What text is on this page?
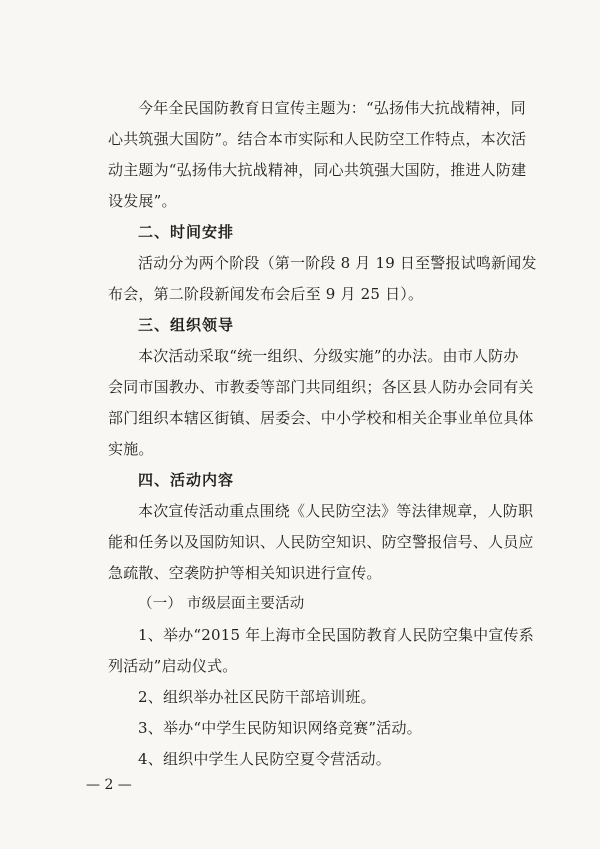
今年全民国防教育日宣传主题为：“弘扬伟大抗战精神，同
心共筑强大国防”。结合本市实际和人民防空工作特点，本次活
动主题为“弘扬伟大抗战精神，同心共筑强大国防，推进人防建
设发展”。
二、时间安排
活动分为两个阶段（第一阶段 8 月 19 日至警报试鸣新闻发
布会，第二阶段新闻发布会后至 9 月 25 日）。
三、组织领导
本次活动采取“统一组织、分级实施”的办法。由市人防办
会同市国教办、市教委等部门共同组织；各区县人防办会同有关
部门组织本辖区街镇、居委会、中小学校和相关企事业单位具体
实施。
四、活动内容
本次宣传活动重点围绕《人民防空法》等法律规章，人防职
能和任务以及国防知识、人民防空知识、防空警报信号、人员应
急疏散、空袭防护等相关知识进行宣传。
（一） 市级层面主要活动
1、举办“2015 年上海市全民国防教育人民防空集中宣传系
列活动”启动仪式。
2、组织举办社区民防干部培训班。
3、举办“中学生民防知识网络竞赛”活动。
4、组织中学生人民防空夏令营活动。
— 2 —
